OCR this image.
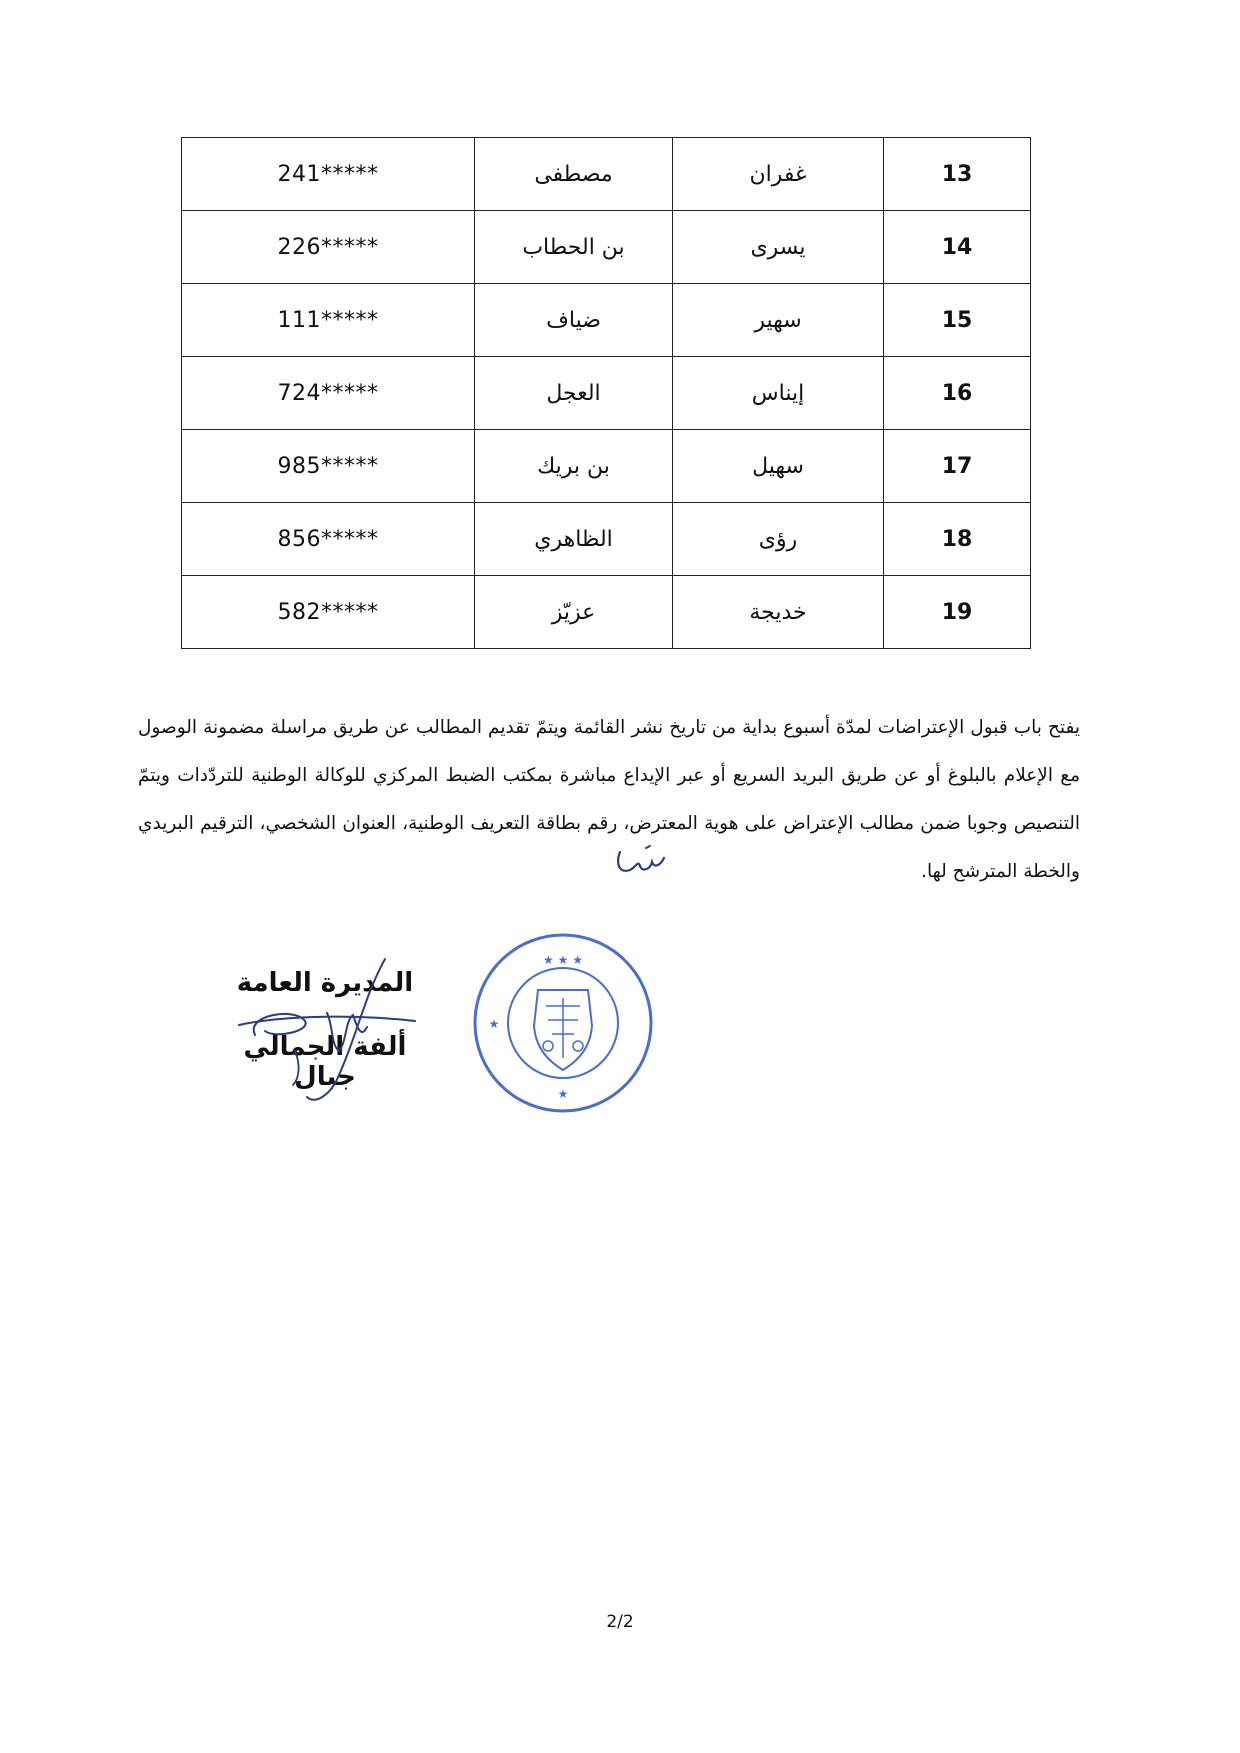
13	غفران	مصطفى	*****241
14	يسرى	بن الحطاب	*****226
15	سهير	ضياف	*****111
16	إيناس	العجل	*****724
17	سهيل	بن بريك	*****985
18	رؤى	الظاهري	*****856
19	خديجة	عزيّز	*****582

يفتح باب قبول الإعتراضات لمدّة أسبوع بداية من تاريخ نشر القائمة ويتمّ تقديم المطالب عن طريق مراسلة مضمونة الوصول مع الإعلام بالبلوغ أو عن طريق البريد السريع أو عبر الإيداع مباشرة بمكتب الضبط المركزي للوكالة الوطنية للتردّدات ويتمّ التنصيص وجوبا ضمن مطالب الإعتراض على هوية المعترض، رقم بطاقة التعريف الوطنية، العنوان الشخصي، الترقيم البريدي والخطة المترشح لها.

المديرة العامة

ألفة الجمالي جبال

★ ★ ★
★
★
2/2
